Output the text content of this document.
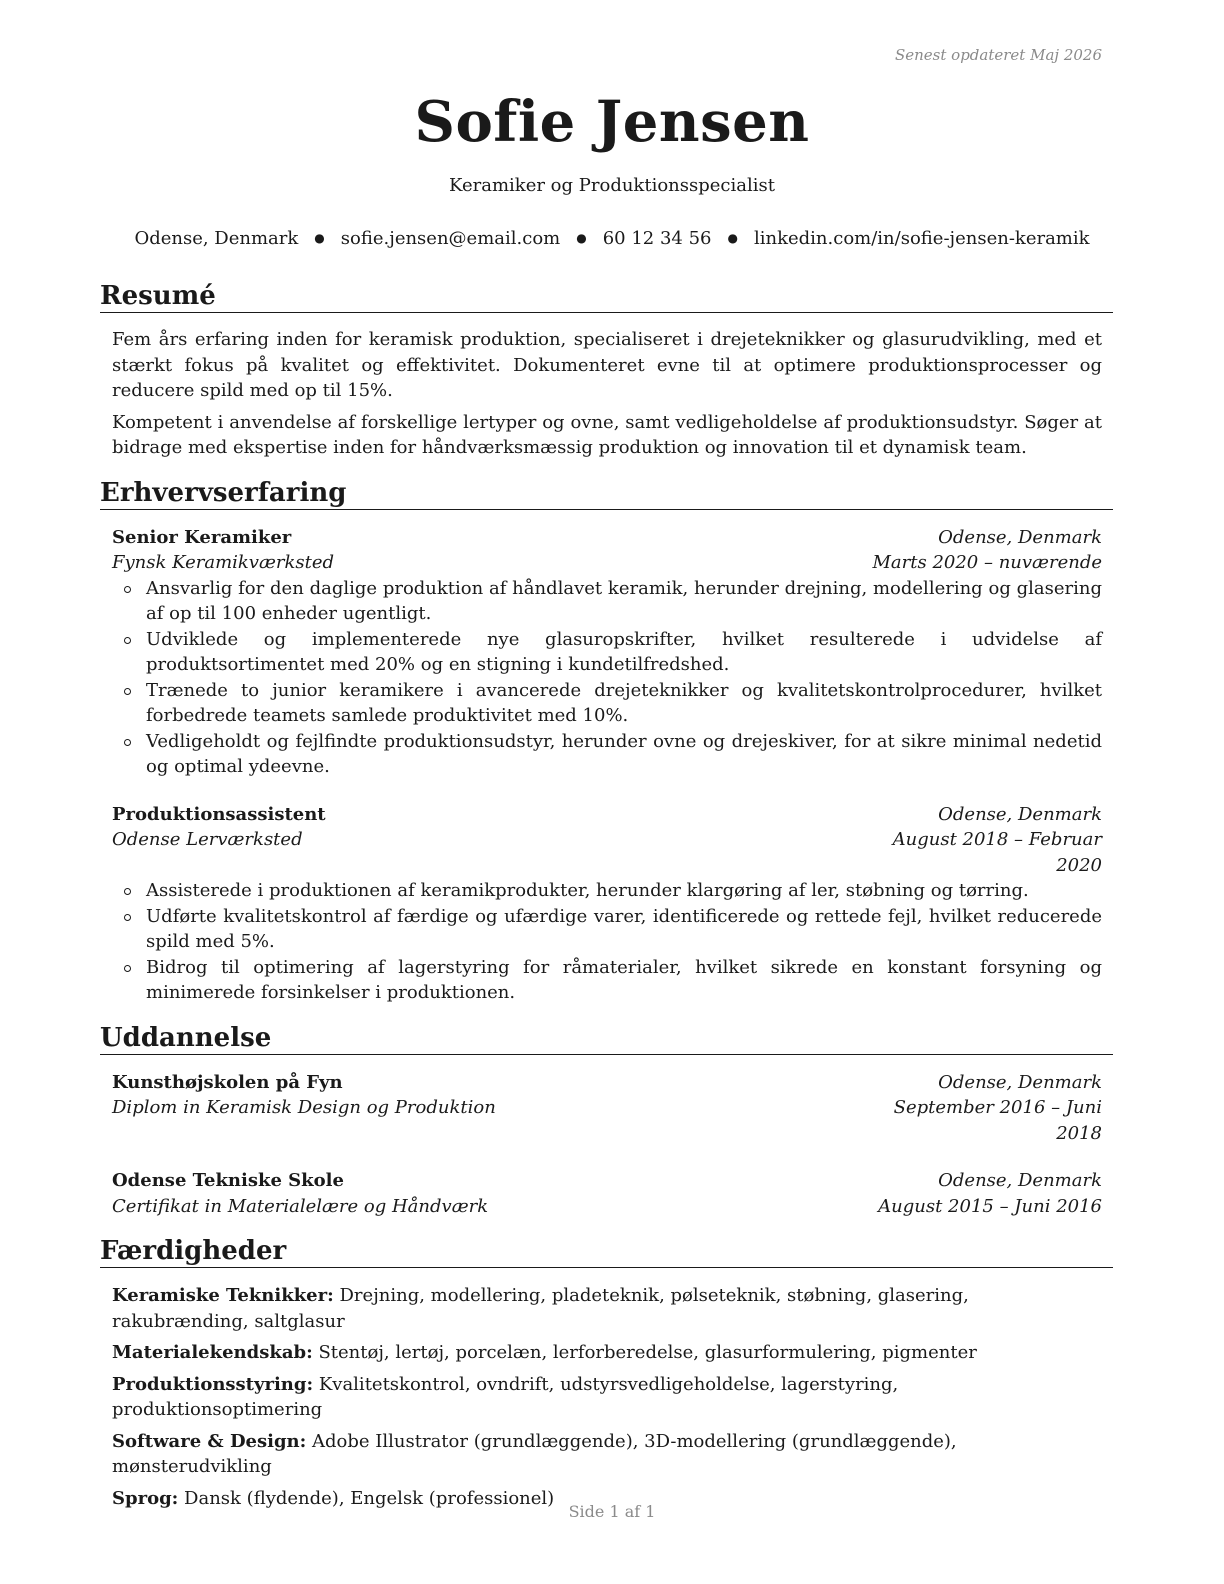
Senest opdateret Maj 2026
Sofie Jensen
Keramiker og Produktionsspecialist
Odense, Denmark ● sofie.jensen@email.com ● 60 12 34 56 ● linkedin.com/in/sofie-jensen-keramik
Resumé

Fem års erfaring inden for keramisk produktion, specialiseret i drejeteknikker og glasurudvikling, med et stærkt fokus på kvalitet og effektivitet. Dokumenteret evne til at optimere produktionsprocesser og reducere spild med op til 15%.

Kompetent i anvendelse af forskellige lertyper og ovne, samt vedligeholdelse af produktionsudstyr. Søger at bidrage med ekspertise inden for håndværksmæssig produktion og innovation til et dynamisk team.

Erhvervserfaring
Senior Keramiker	Odense, Denmark
Fynsk Keramikværksted	Marts 2020 – nuværende
Ansvarlig for den daglige produktion af håndlavet keramik, herunder drejning, modellering og glasering af op til 100 enheder ugentligt.
Udviklede og implementerede nye glasuropskrifter, hvilket resulterede i udvidelse af produktsortimentet med 20% og en stigning i kundetilfredshed.
Trænede to junior keramikere i avancerede drejeteknikker og kvalitetskontrolprocedurer, hvilket forbedrede teamets samlede produktivitet med 10%.
Vedligeholdt og fejlfindte produktionsudstyr, herunder ovne og drejeskiver, for at sikre minimal nedetid og optimal ydeevne.
Produktionsassistent	Odense, Denmark
Odense Lerværksted	August 2018 – Februar 2020
Assisterede i produktionen af keramikprodukter, herunder klargøring af ler, støbning og tørring.
Udførte kvalitetskontrol af færdige og ufærdige varer, identificerede og rettede fejl, hvilket reducerede spild med 5%.
Bidrog til optimering af lagerstyring for råmaterialer, hvilket sikrede en konstant forsyning og minimerede forsinkelser i produktionen.
Uddannelse
Kunsthøjskolen på Fyn	Odense, Denmark
Diplom in Keramisk Design og Produktion	September 2016 – Juni 2018
Odense Tekniske Skole	Odense, Denmark
Certifikat in Materialelære og Håndværk	August 2015 – Juni 2016
Færdigheder
Keramiske Teknikker: Drejning, modellering, pladeteknik, pølseteknik, støbning, glasering, rakubrænding, saltglasur
Materialekendskab: Stentøj, lertøj, porcelæn, lerforberedelse, glasurformulering, pigmenter
Produktionsstyring: Kvalitetskontrol, ovndrift, udstyrsvedligeholdelse, lagerstyring, produktionsoptimering
Software & Design: Adobe Illustrator (grundlæggende), 3D-modellering (grundlæggende), mønsterudvikling
Sprog: Dansk (flydende), Engelsk (professionel)
Side 1 af 1
